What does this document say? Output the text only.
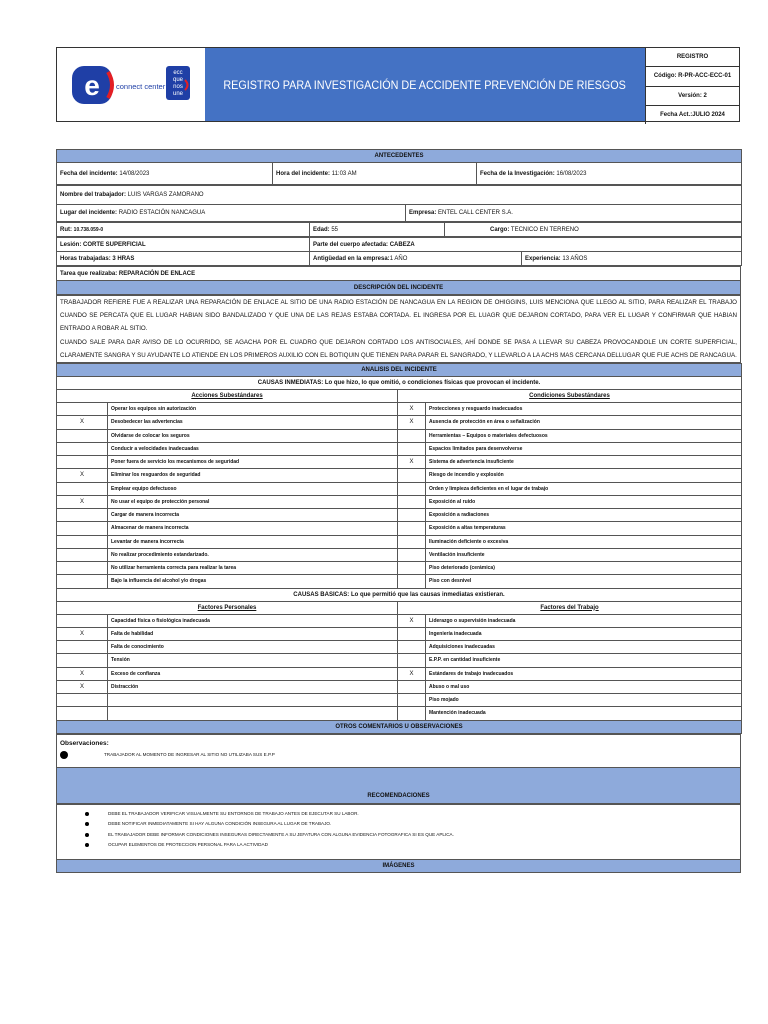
e connect center
ecc
que
nos
une
REGISTRO PARA INVESTIGACIÓN DE ACCIDENTE PREVENCIÓN DE RIESGOS
REGISTRO
Código: R-PR-ACC-ECC-01
Versión: 2
Fecha Act.:JULIO 2024
ANTECEDENTES
Fecha del incidente: 14/08/2023	Hora del incidente: 11:03 AM	Fecha de la Investigación: 16/08/2023
Nombre del trabajador: LUIS VARGAS ZAMORANO
Lugar del incidente: RADIO ESTACIÓN NANCAGUA	Empresa: ENTEL CALL CENTER S.A.
Rut: 10.738.059-0	Edad: 55	Cargo: TECNICO EN TERRENO
Lesión: CORTE SUPERFICIAL	Parte del cuerpo afectada: CABEZA	
Horas trabajadas: 3 HRAS	Antigüedad en la empresa:1 AÑO	Experiencia: 13 AÑOS
Tarea que realizaba: REPARACIÓN DE ENLACE
DESCRIPCIÓN DEL INCIDENTE
TRABAJADOR REFIERE FUE A REALIZAR UNA REPARACIÓN DE ENLACE AL SITIO DE UNA RADIO ESTACIÓN DE NANCAGUA EN LA REGION DE OHIGGINS, LUIS MENCIONA QUE LLEGO AL SITIO, PARA REALIZAR EL TRABAJO CUANDO SE PERCATA QUE EL LUGAR HABIAN SIDO BANDALIZADO Y QUE UNA DE LAS REJAS ESTABA CORTADA. EL INGRESA POR EL LUAGR QUE DEJARON CORTADO, PARA VER EL LUGAR Y CONFIRMAR QUE HABIAN ENTRADO A ROBAR AL SITIO.
CUANDO SALE PARA DAR AVISO DE LO OCURRIDO, SE AGACHA POR EL CUADRO QUE DEJARON CORTADO LOS ANTISOCIALES, AHÍ DONDE SE PASA A LLEVAR SU CABEZA PROVOCANDOLE UN CORTE SUPERFICIAL, CLARAMENTE SANGRA Y SU AYUDANTE LO ATIENDE EN LOS PRIMEROS AUXILIO CON EL BOTIQUIN QUE TIENEN PARA PARAR EL SANGRADO, Y LLEVARLO A LA ACHS MAS CERCANA DELLUGAR QUE FUE ACHS DE RANCAGUA.
ANALISIS DEL INCIDENTE			
CAUSAS INMEDIATAS: Lo que hizo, lo que omitió, o condiciones físicas que provocan el incidente.			
Acciones Subestándares		Condiciones Subestándares	
	Operar los equipos sin autorización	X	Protecciones y resguardo inadecuados
X	Desobedecer las advertencias	X	Ausencia de protección en área o señalización
	Olvidarse de colocar los seguros		Herramientas – Equipos o materiales defectuosos
	Conducir a velocidades inadecuadas		Espacios limitados para desenvolverse
	Poner fuera de servicio los mecanismos de seguridad	X	Sistema de advertencia insuficiente
X	Eliminar los resguardos de seguridad		Riesgo de incendio y explosión
	Emplear equipo defectuoso		Orden y limpieza deficientes en el lugar de trabajo
X	No usar el equipo de protección personal		Exposición al ruido
	Cargar de manera incorrecta		Exposición a radiaciones
	Almacenar de manera incorrecta		Exposición a altas temperaturas
	Levantar de manera incorrecta		Iluminación deficiente o excesiva
	No realizar procedimiento estandarizado.		Ventilación insuficiente
	No utilizar herramienta correcta para realizar la tarea		Piso deteriorado (cerámica)
	Bajo la influencia del alcohol y/o drogas		Piso con desnivel
CAUSAS BASICAS: Lo que permitió que las causas inmediatas existieran.			
Factores Personales		Factores del Trabajo	
	Capacidad física o fisiológica inadecuada	X	Liderazgo o supervisión inadecuada
X	Falta de habilidad		Ingeniería inadecuada
	Falta de conocimiento		Adquisiciones inadecuadas
	Tensión		E.P.P. en cantidad insuficiente
X	Exceso de confianza	X	Estándares de trabajo inadecuados
X	Distracción		Abuso o mal uso
			Piso mojado
			Mantención inadecuada
OTROS COMENTARIOS U OBSERVACIONES			
Observaciones:
TRABAJADOR AL MOMENTO DE INGRESAR AL SITIO NO UTILIZABA SUS E.P.P

RECOMENDACIONES
DEBE EL TRABAJADOR VERIFICAR VISUALMENTE SU ENTORNOS DE TRABAJO ANTES DE EJECUTAR SU LABOR.
DEBE NOTIFICAR INMEDIATAMENTE SI HAY ALGUNA CONDICIÓN INSEGURA AL LUGAR DE TRABAJO.
EL TRABAJADOR DEBE INFORMAR CONDICIONES INSEGURAS DIRECTAMENTE A SU JEFATURA CON ALGUNA EVIDENCIA FOTOGRAFICA SI ES QUE APLICA.
OCUPAR ELEMENTOS DE PROTECCION PERSONAL PARA LA ACTIVIDAD

IMÁGENES
